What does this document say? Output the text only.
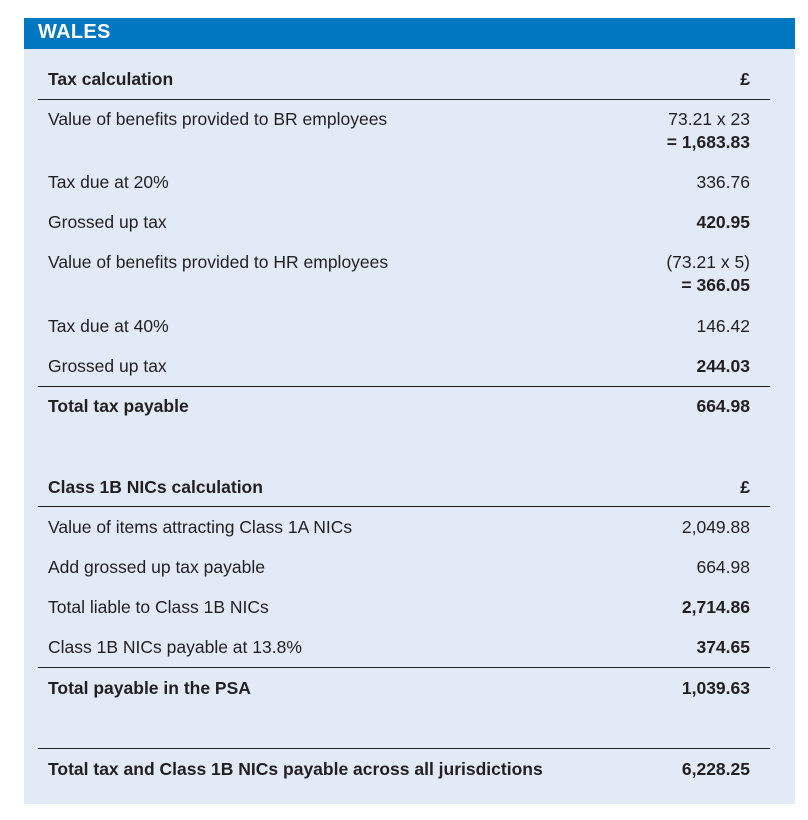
WALES
Tax calculation	£
Value of benefits provided to BR employees	73.21 x 23
= 1,683.83
Tax due at 20%	336.76
Grossed up tax	420.95
Value of benefits provided to HR employees	(73.21 x 5)
= 366.05
Tax due at 40%	146.42
Grossed up tax	244.03
Total tax payable	664.98
Class 1B NICs calculation	£
Value of items attracting Class 1A NICs	2,049.88
Add grossed up tax payable	664.98
Total liable to Class 1B NICs	2,714.86
Class 1B NICs payable at 13.8%	374.65
Total payable in the PSA	1,039.63
Total tax and Class 1B NICs payable across all jurisdictions	6,228.25
